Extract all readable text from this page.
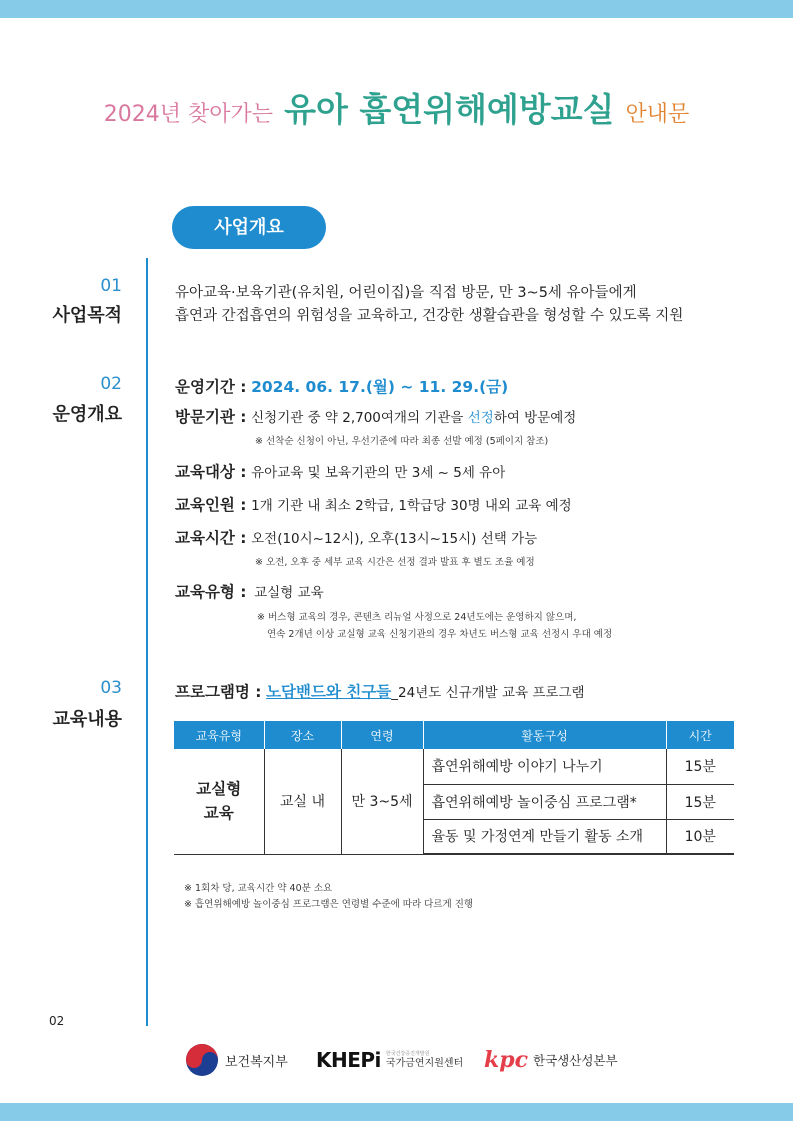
2024년 찾아가는 유아 흡연위해예방교실 안내문
사업개요
01
사업목적
유아교육·보육기관(유치원, 어린이집)을 직접 방문, 만 3~5세 유아들에게
흡연과 간접흡연의 위험성을 교육하고, 건강한 생활습관을 형성할 수 있도록 지원
02
운영개요
운영기간 : 2024. 06. 17.(월) ~ 11. 29.(금)
방문기관 : 신청기관 중 약 2,700여개의 기관을 선정하여 방문예정
※ 선착순 신청이 아닌, 우선기준에 따라 최종 선발 예정 (5페이지 참조)
교육대상 : 유아교육 및 보육기관의 만 3세 ~ 5세 유아
교육인원 : 1개 기관 내 최소 2학급, 1학급당 30명 내외 교육 예정
교육시간 : 오전(10시~12시), 오후(13시~15시) 선택 가능
※ 오전, 오후 중 세부 교육 시간은 선정 결과 발표 후 별도 조율 예정
교육유형 : 교실형 교육
※ 버스형 교육의 경우, 콘텐츠 리뉴얼 사정으로 24년도에는 운영하지 않으며,
연속 2개년 이상 교실형 교육 신청기관의 경우 차년도 버스형 교육 선정시 우대 예정
03
교육내용
프로그램명 : 노담밴드와 친구들_24년도 신규개발 교육 프로그램
교육유형	장소	연령	활동구성	시간

교실형
교육	교실 내	만 3~5세	흡연위해예방 이야기 나누기	15분
			흡연위해예방 놀이중심 프로그램*	15분
			율동 및 가정연계 만들기 활동 소개	10분
※ 1회차 당, 교육시간 약 40분 소요
※ 흡연위해예방 놀이중심 프로그램은 연령별 수준에 따라 다르게 진행
02
보건복지부 KHEPi 한국건강증진개발원
국가금연지원센터 kpc 한국생산성본부
